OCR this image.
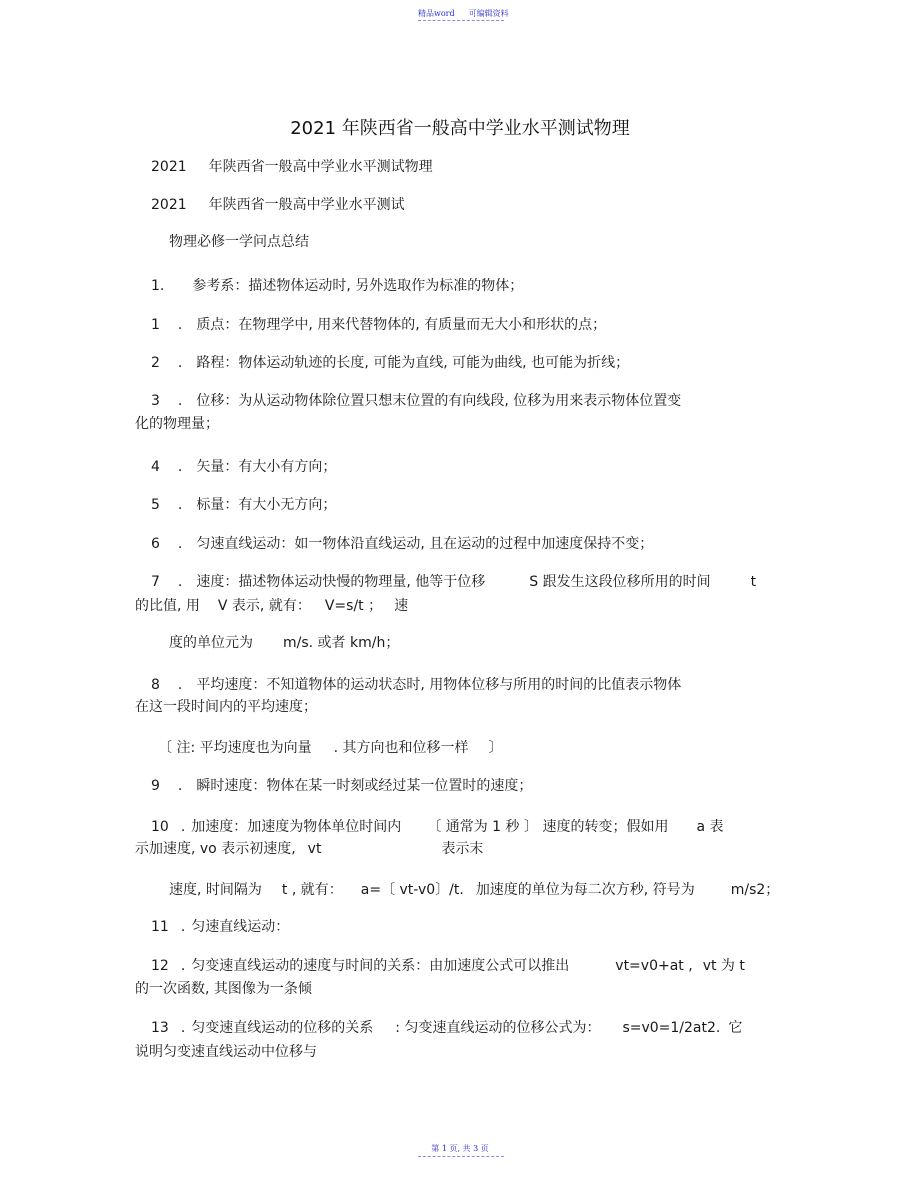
精品word 可编辑资料
2021 年陕西省一般高中学业水平测试物理
2021 年陕西省一般高中学业水平测试物理
2021 年陕西省一般高中学业水平测试
物理必修一学问点总结
1. 参考系：描述物体运动时, 另外选取作为标准的物体；
1 . 质点：在物理学中, 用来代替物体的, 有质量而无大小和形状的点；
2 . 路程：物体运动轨迹的长度, 可能为直线, 可能为曲线, 也可能为折线；
3 . 位移：为从运动物体除位置只想末位置的有向线段, 位移为用来表示物体位置变
化的物理量；
4 . 矢量：有大小有方向；
5 . 标量：有大小无方向；
6 . 匀速直线运动：如一物体沿直线运动, 且在运动的过程中加速度保持不变；
7 . 速度：描述物体运动快慢的物理量, 他等于位移	S 跟发生这段位移所用的时间	t
的比值, 用 V 表示, 就有： V=s/t ； 速
度的单位元为 m/s. 或者 km/h；
8 . 平均速度：不知道物体的运动状态时, 用物体位移与所用的时间的比值表示物体
在这一段时间内的平均速度；
〔 注: 平均速度也为向量 . 其方向也和位移一样 〕
9 . 瞬时速度：物体在某一时刻或经过某一位置时的速度；
10 . 加速度：加速度为物体单位时间内 〔 通常为 1 秒 〕 速度的转变；假如用 a 表
示加速度, vo 表示初速度, vt	表示末
速度, 时间隔为 t , 就有： a=〔 vt-v0〕/t. 加速度的单位为每二次方秒, 符号为	m/s2；
11 . 匀速直线运动：
12 . 匀变速直线运动的速度与时间的关系：由加速度公式可以推出	vt=v0+at , vt 为 t
的一次函数, 其图像为一条倾
13 . 匀变速直线运动的位移的关系 : 匀变速直线运动的位移公式为： s=v0=1/2at2. 它
说明匀变速直线运动中位移与
第 1 页, 共 3 页
